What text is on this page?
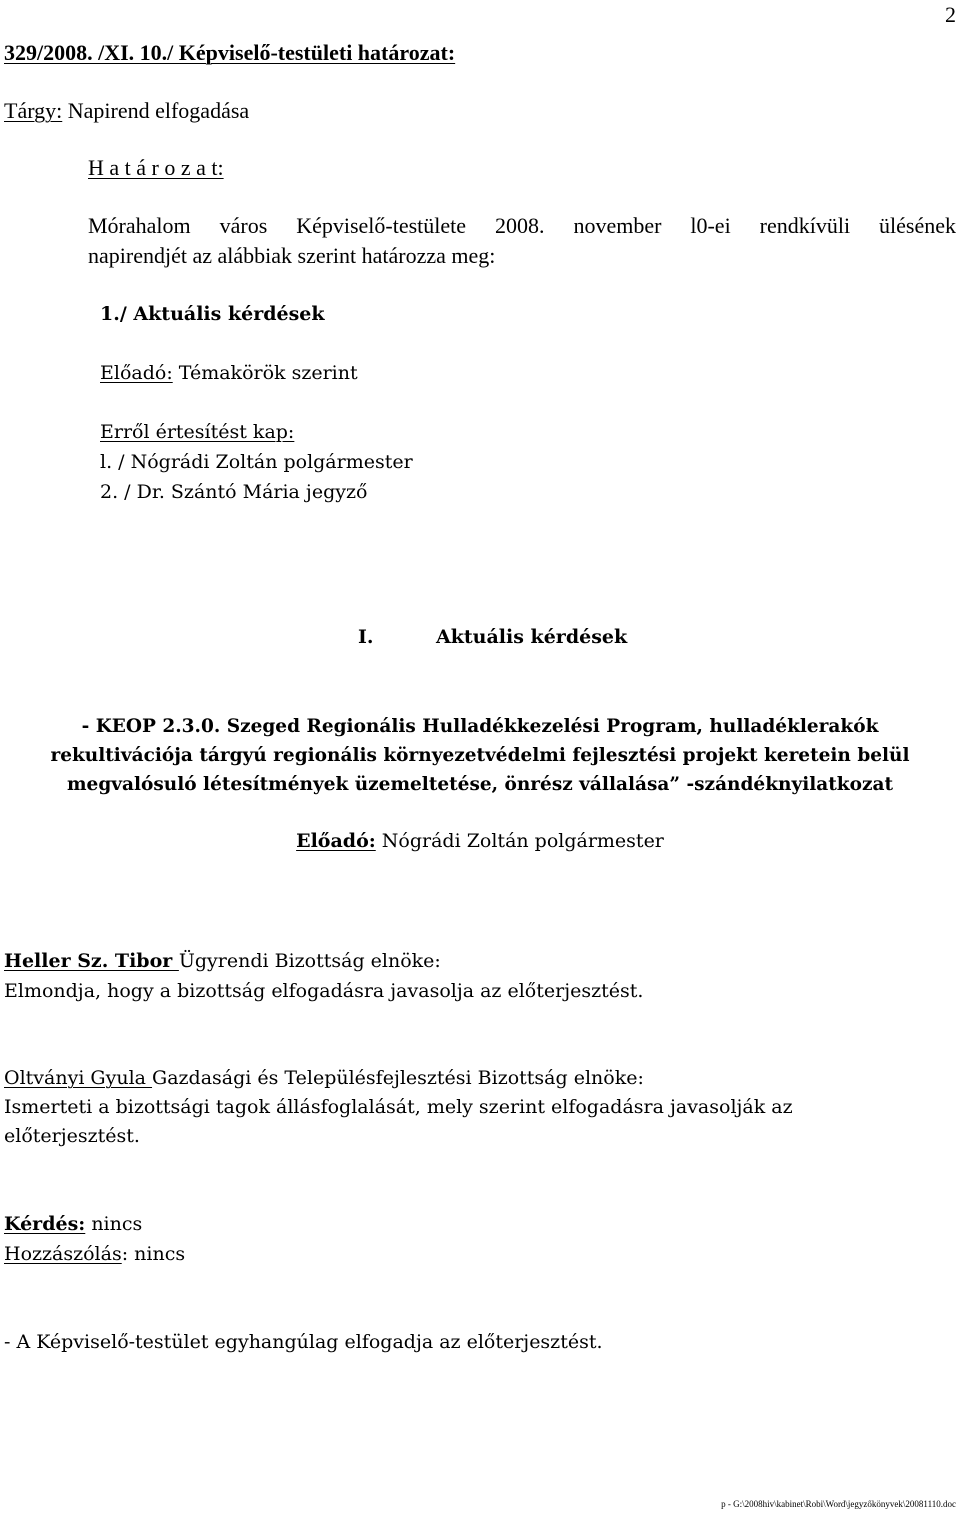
2
329/2008. /XI. 10./ Képviselő-testületi határozat:
Tárgy: Napirend elfogadása
H a t á r o z a t:
Mórahalom város Képviselő-testülete 2008. november l0-ei rendkívüli ülésének
napirendjét az alábbiak szerint határozza meg:
1./ Aktuális kérdések
Előadó: Témakörök szerint
Erről értesítést kap:
l. / Nógrádi Zoltán polgármester
2. / Dr. Szántó Mária jegyző
I.	Aktuális kérdések
- KEOP 2.3.0. Szeged Regionális Hulladékkezelési Program, hulladéklerakók
rekultivációja tárgyú regionális környezetvédelmi fejlesztési projekt keretein belül
megvalósuló létesítmények üzemeltetése, önrész vállalása” -szándéknyilatkozat
Előadó: Nógrádi Zoltán polgármester
Heller Sz. Tibor Ügyrendi Bizottság elnöke:
Elmondja, hogy a bizottság elfogadásra javasolja az előterjesztést.
Oltványi Gyula Gazdasági és Településfejlesztési Bizottság elnöke:
Ismerteti a bizottsági tagok állásfoglalását, mely szerint elfogadásra javasolják az
előterjesztést.
Kérdés: nincs
Hozzászólás: nincs
- A Képviselő-testület egyhangúlag elfogadja az előterjesztést.
p - G:\2008hiv\kabinet\Robi\Word\jegyzőkönyvek\20081110.doc
